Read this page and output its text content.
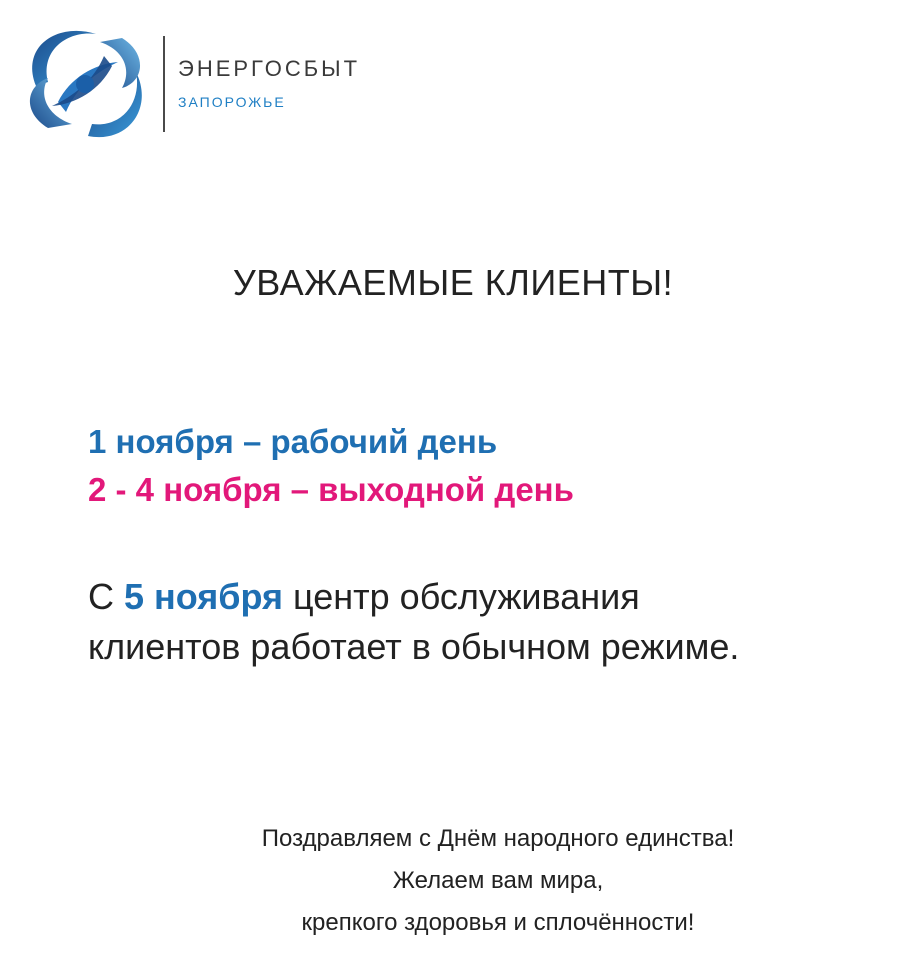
ЭНЕРГОСБЫТ
ЗАПОРОЖЬЕ
УВАЖАЕМЫЕ КЛИЕНТЫ!
1 ноября – рабочий день
2 - 4 ноября – выходной день
С 5 ноября центр обслуживания
клиентов работает в обычном режиме.
Поздравляем с Днём народного единства!
Желаем вам мира,
крепкого здоровья и сплочённости!
